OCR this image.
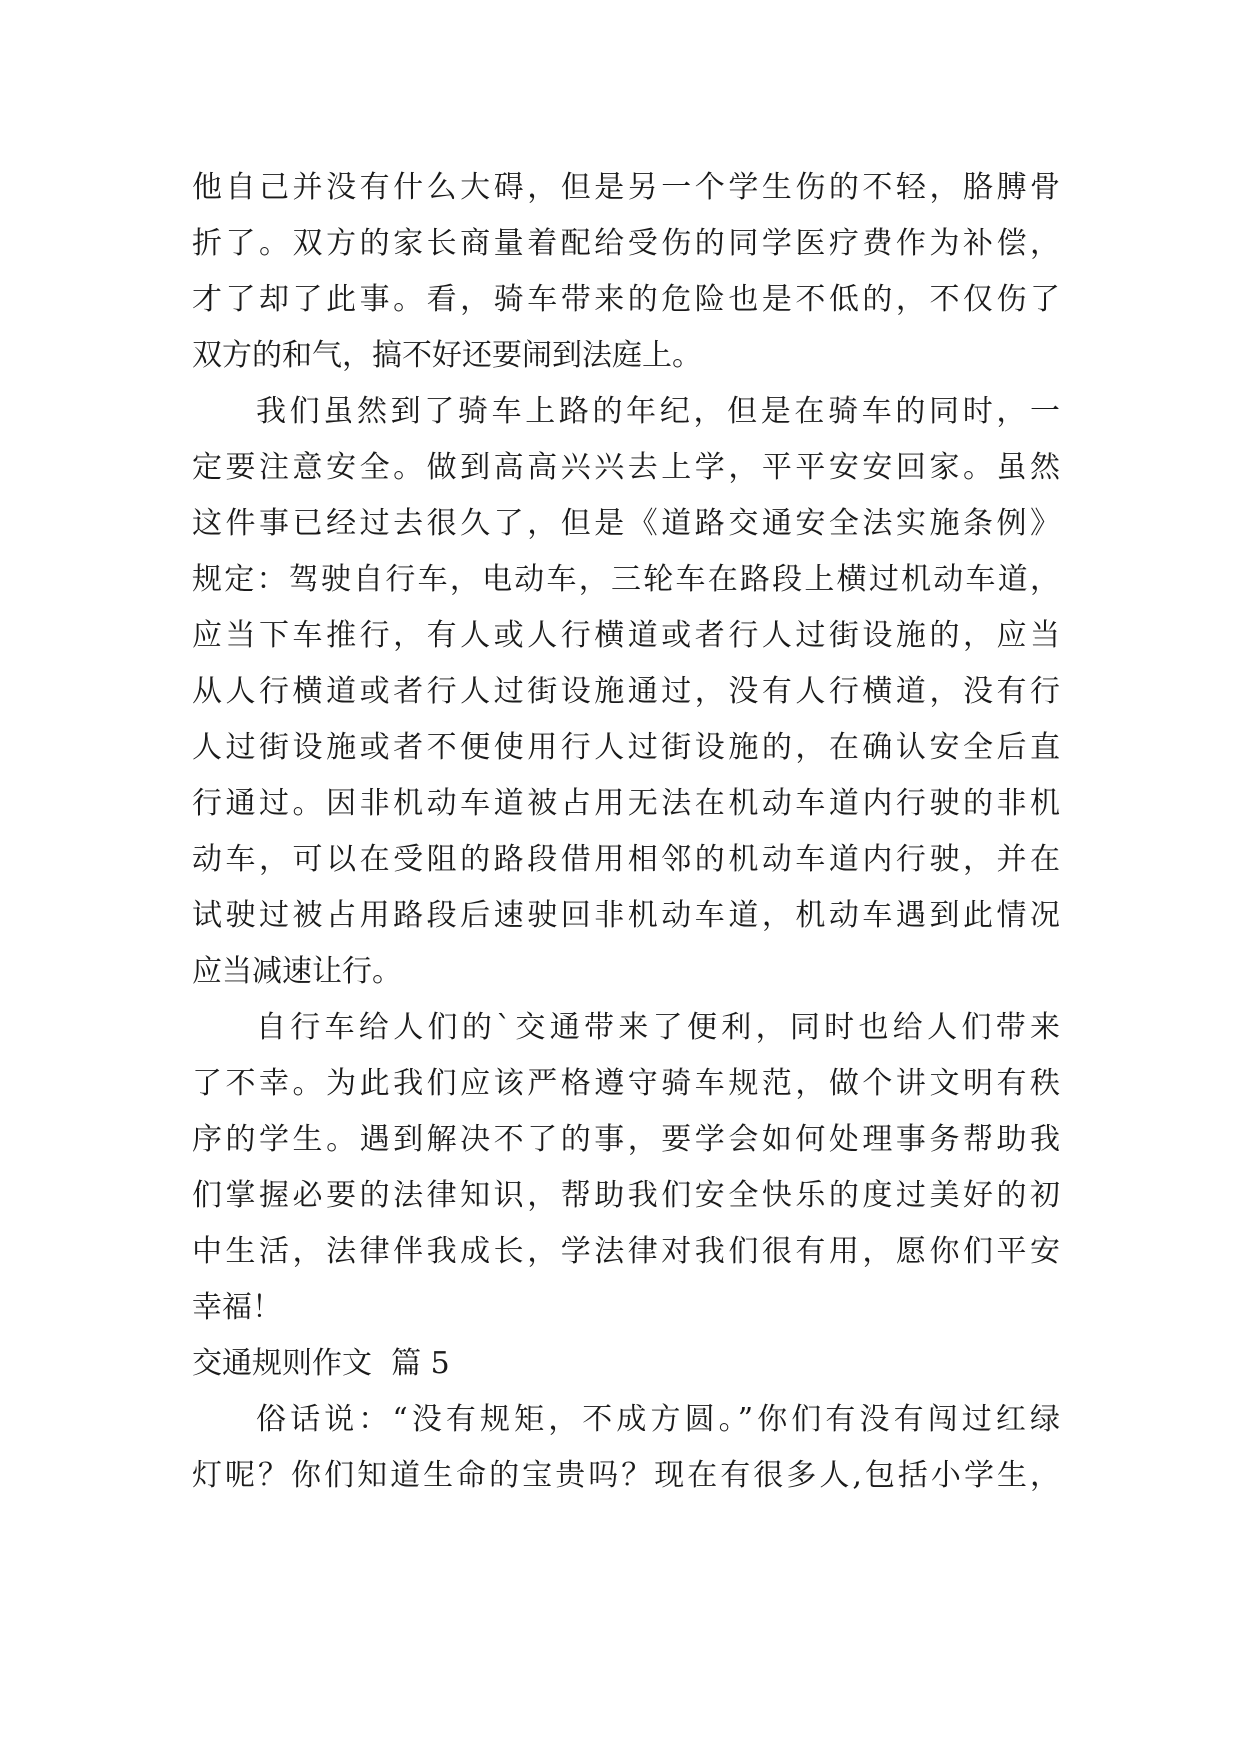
他自己并没有什么大碍，但是另一个学生伤的不轻，胳膊骨
折了。双方的家长商量着配给受伤的同学医疗费作为补偿，
才了却了此事。看，骑车带来的危险也是不低的，不仅伤了
双方的和气，搞不好还要闹到法庭上。
我们虽然到了骑车上路的年纪，但是在骑车的同时，一
定要注意安全。做到高高兴兴去上学，平平安安回家。虽然
这件事已经过去很久了，但是《道路交通安全法实施条例》
规定：驾驶自行车，电动车，三轮车在路段上横过机动车道，
应当下车推行，有人或人行横道或者行人过街设施的，应当
从人行横道或者行人过街设施通过，没有人行横道，没有行
人过街设施或者不便使用行人过街设施的，在确认安全后直
行通过。因非机动车道被占用无法在机动车道内行驶的非机
动车，可以在受阻的路段借用相邻的机动车道内行驶，并在
试驶过被占用路段后速驶回非机动车道，机动车遇到此情况
应当减速让行。
自行车给人们的`交通带来了便利，同时也给人们带来
了不幸。为此我们应该严格遵守骑车规范，做个讲文明有秩
序的学生。遇到解决不了的事，要学会如何处理事务帮助我
们掌握必要的法律知识，帮助我们安全快乐的度过美好的初
中生活，法律伴我成长，学法律对我们很有用，愿你们平安
幸福！
交通规则作文  篇 5
俗话说：“没有规矩，不成方圆。”你们有没有闯过红绿
灯呢？你们知道生命的宝贵吗？现在有很多人,包括小学生，
